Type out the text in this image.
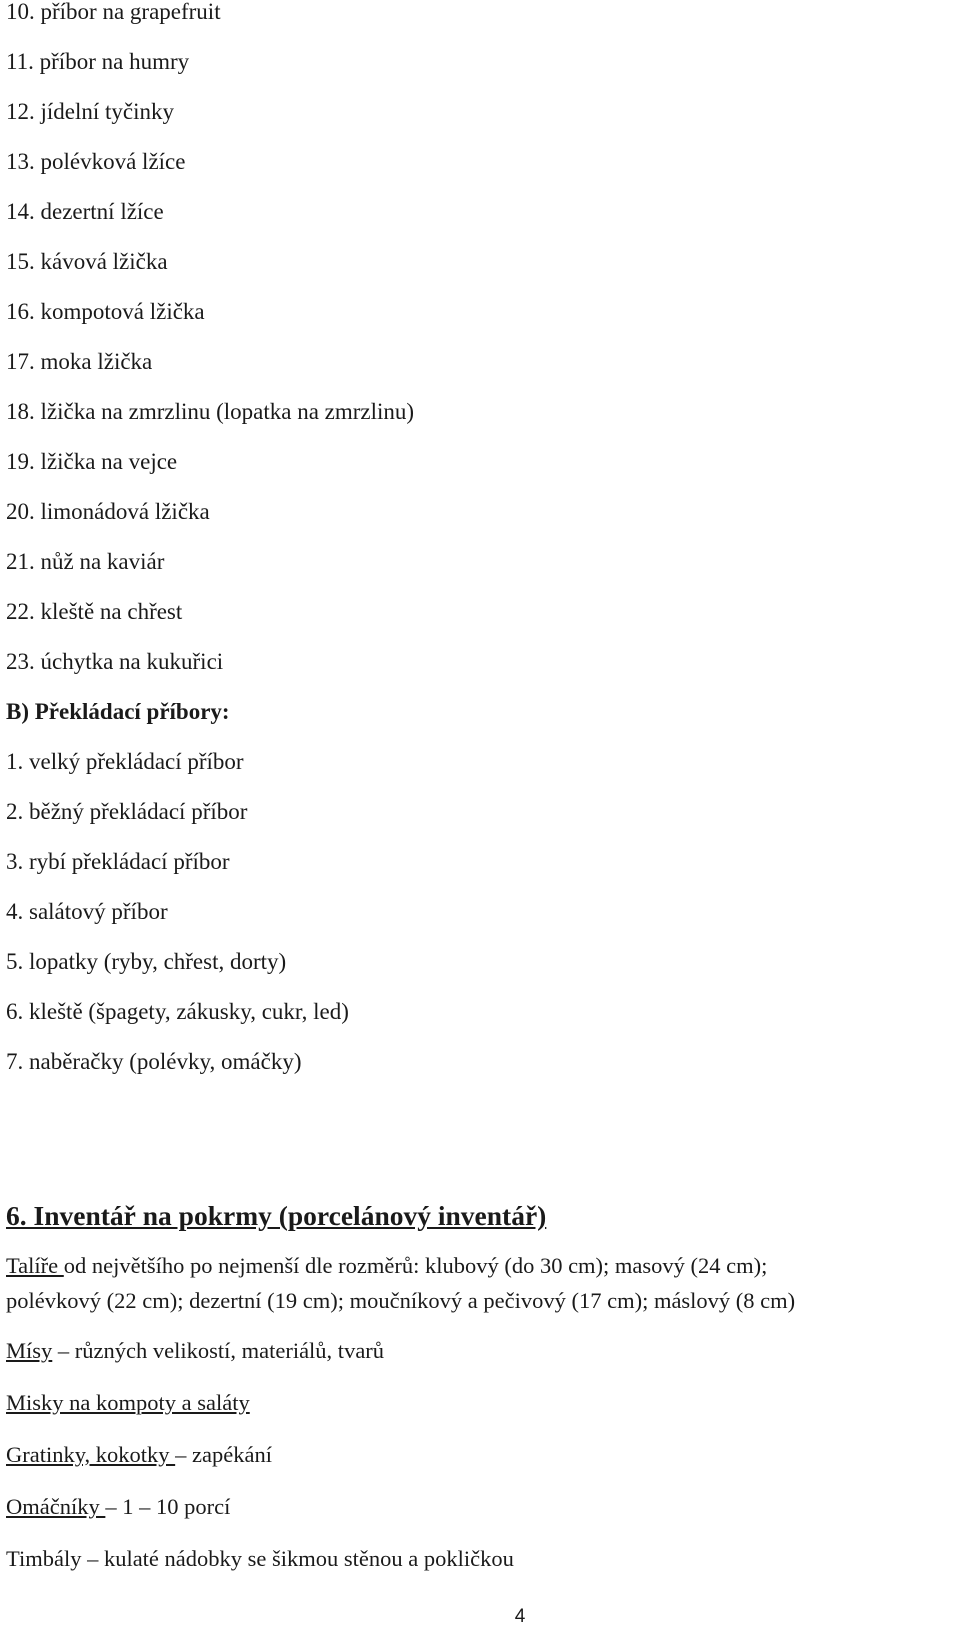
10. příbor na grapefruit
11. příbor na humry
12. jídelní tyčinky
13. polévková lžíce
14. dezertní lžíce
15. kávová lžička
16. kompotová lžička
17. moka lžička
18. lžička na zmrzlinu (lopatka na zmrzlinu)
19. lžička na vejce
20. limonádová lžička
21. nůž na kaviár
22. kleště na chřest
23. úchytka na kukuřici
B) Překládací příbory:
1. velký překládací příbor
2. běžný překládací příbor
3. rybí překládací příbor
4. salátový příbor
5. lopatky (ryby, chřest, dorty)
6. kleště (špagety, zákusky, cukr, led)
7. naběračky (polévky, omáčky)
6. Inventář na pokrmy (porcelánový inventář)
Talíře od největšího po nejmenší dle rozměrů: klubový (do 30 cm); masový (24 cm);
polévkový (22 cm); dezertní (19 cm); moučníkový a pečivový (17 cm); máslový (8 cm)
Mísy – různých velikostí, materiálů, tvarů
Misky na kompoty a saláty
Gratinky, kokotky – zapékání
Omáčníky – 1 – 10 porcí
Timbály – kulaté nádobky se šikmou stěnou a pokličkou
4
